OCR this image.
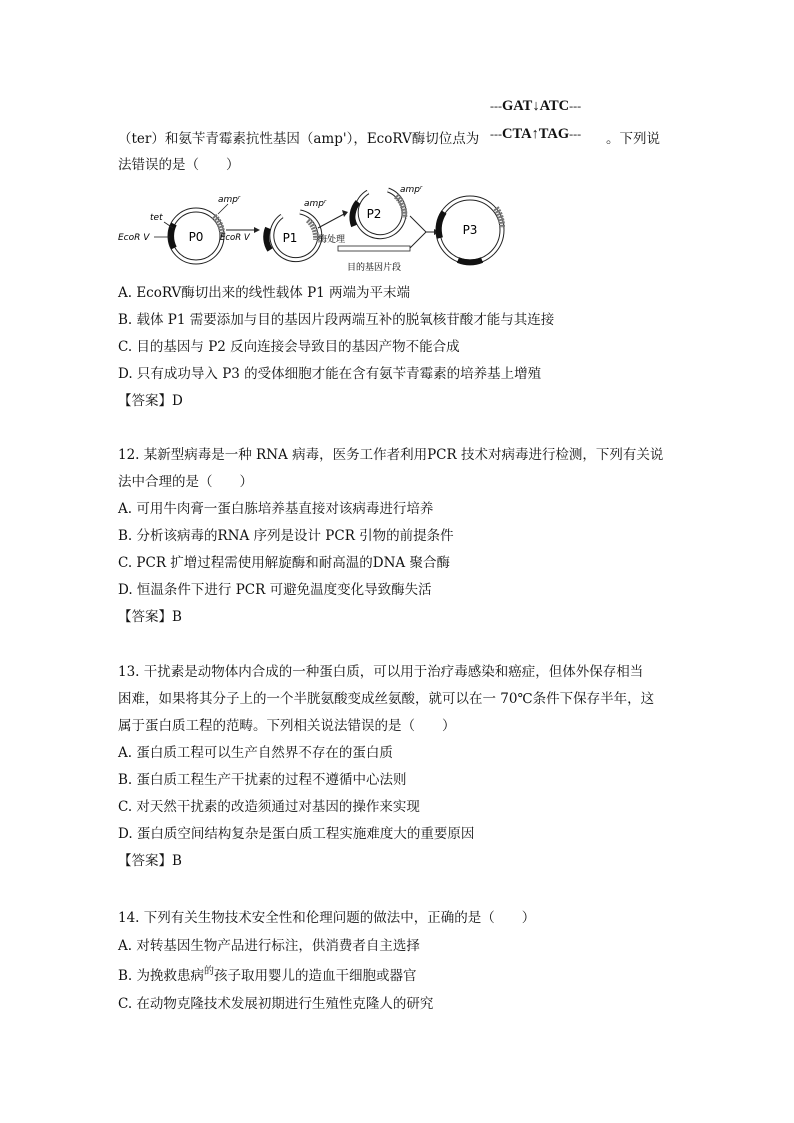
---GAT↓ATC---
（ter）和氨苄青霉素抗性基因（amp'），EcoRV酶切位点为 ---CTA↑TAG--- 。下列说
法错误的是（　　）
P0
tet
ampʳ
EcoR V	EcoR V	P1
ampʳ
酶处理
P2
ampʳ
目的基因片段
P3
A. EcoRV酶切出来的线性载体 P1 两端为平末端
B. 载体 P1 需要添加与目的基因片段两端互补的脱氧核苷酸才能与其连接
C. 目的基因与 P2 反向连接会导致目的基因产物不能合成
D. 只有成功导入 P3 的受体细胞才能在含有氨苄青霉素的培养基上增殖
【答案】D
12. 某新型病毒是一种 RNA 病毒，医务工作者利用PCR 技术对病毒进行检测，下列有关说
法中合理的是（　　）
A. 可用牛肉膏一蛋白胨培养基直接对该病毒进行培养
B. 分析该病毒的RNA 序列是设计 PCR 引物的前提条件
C. PCR 扩增过程需使用解旋酶和耐高温的DNA 聚合酶
D. 恒温条件下进行 PCR 可避免温度变化导致酶失活
【答案】B
13. 干扰素是动物体内合成的一种蛋白质，可以用于治疗毒感染和癌症，但体外保存相当
困难，如果将其分子上的一个半胱氨酸变成丝氨酸，就可以在一 70℃条件下保存半年，这
属于蛋白质工程的范畴。下列相关说法错误的是（　　）
A. 蛋白质工程可以生产自然界不存在的蛋白质
B. 蛋白质工程生产干扰素的过程不遵循中心法则
C. 对天然干扰素的改造须通过对基因的操作来实现
D. 蛋白质空间结构复杂是蛋白质工程实施难度大的重要原因
【答案】B
14. 下列有关生物技术安全性和伦理问题的做法中，正确的是（　　）
A. 对转基因生物产品进行标注，供消费者自主选择
B. 为挽救患病$^的$孩子取用婴儿的造血干细胞或器官
C. 在动物克隆技术发展初期进行生殖性克隆人的研究
